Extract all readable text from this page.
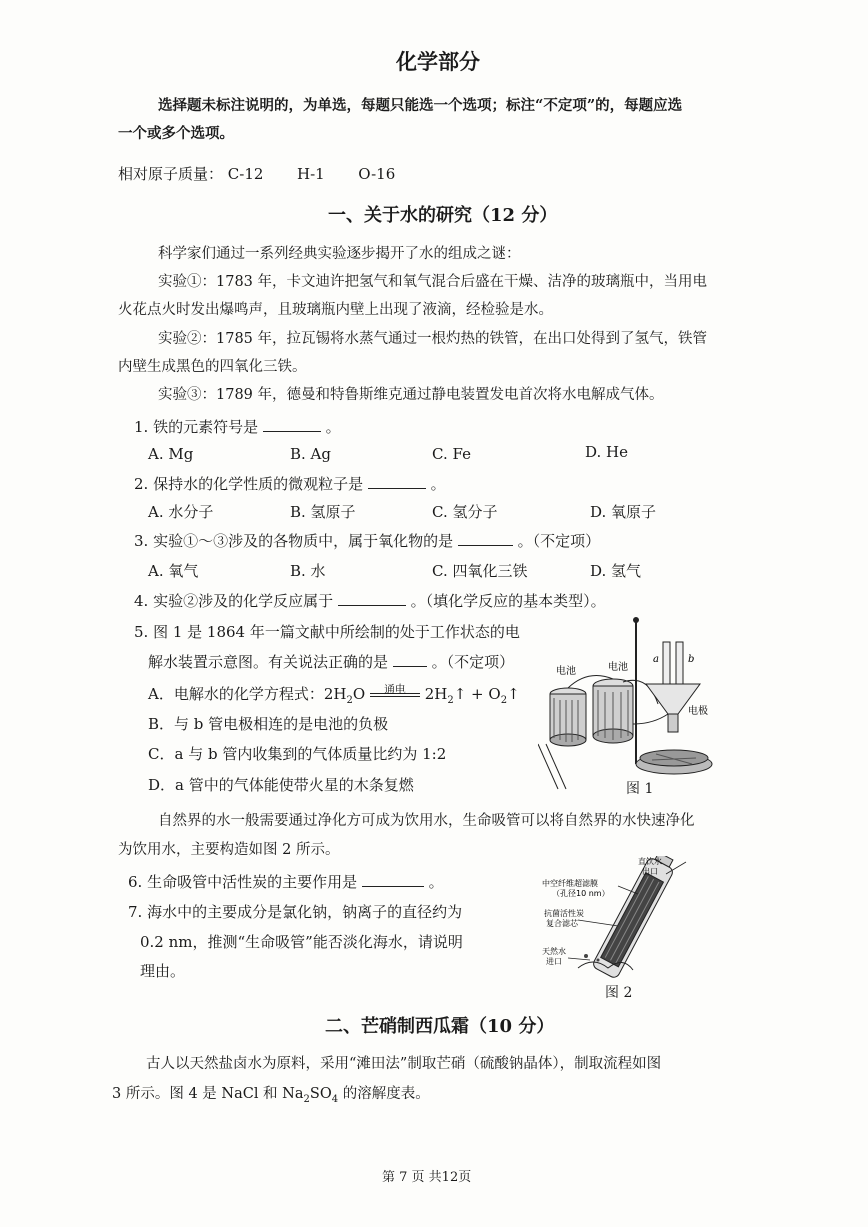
化学部分
选择题未标注说明的，为单选，每题只能选一个选项；标注“不定项”的，每题应选
一个或多个选项。
相对原子质量： C-12 H-1 O-16
一、关于水的研究（12 分）
科学家们通过一系列经典实验逐步揭开了水的组成之谜：
实验①：1783 年，卡文迪许把氢气和氧气混合后盛在干燥、洁净的玻璃瓶中，当用电
火花点火时发出爆鸣声，且玻璃瓶内壁上出现了液滴，经检验是水。
实验②：1785 年，拉瓦锡将水蒸气通过一根灼热的铁管，在出口处得到了氢气，铁管
内壁生成黑色的四氧化三铁。
实验③：1789 年，德曼和特鲁斯维克通过静电装置发电首次将水电解成气体。
1. 铁的元素符号是	。
A. Mg	B. Ag	C. Fe	D. He
2. 保持水的化学性质的微观粒子是	。
A. 水分子	B. 氢原子	C. 氢分子	D. 氧原子
3. 实验①～③涉及的各物质中，属于氧化物的是	。（不定项）
A. 氧气	B. 水	C. 四氧化三铁	D. 氢气
4. 实验②涉及的化学反应属于	。（填化学反应的基本类型）。
5. 图 1 是 1864 年一篇文献中所绘制的处于工作状态的电
解水装置示意图。有关说法正确的是	。（不定项）
A．电解水的化学方程式：$2H_2O$	通电	$2H_2↑$ + $O_2↑$
B．与 b 管电极相连的是电池的负极
C．a 与 b 管内收集到的气体质量比约为 1:2
D．a 管中的气体能使带火星的木条复燃
电池	电池
电极
a	b
图 1
自然界的水一般需要通过净化方可成为饮用水，生命吸管可以将自然界的水快速净化
为饮用水，主要构造如图 2 所示。
6. 生命吸管中活性炭的主要作用是	。
7. 海水中的主要成分是氯化钠，钠离子的直径约为
0.2 nm，推测“生命吸管”能否淡化海水，请说明
理由。
中空纤维超滤膜
（孔径10 nm）
抗菌活性炭
复合滤芯
天然水
进口
直饮水
出口
图 2
二、芒硝制西瓜霜（10 分）
古人以天然盐卤水为原料，采用“滩田法”制取芒硝（硫酸钠晶体），制取流程如图
3 所示。图 4 是 NaCl 和 $Na_2SO_4$ 的溶解度表。
第 7 页 共12页
